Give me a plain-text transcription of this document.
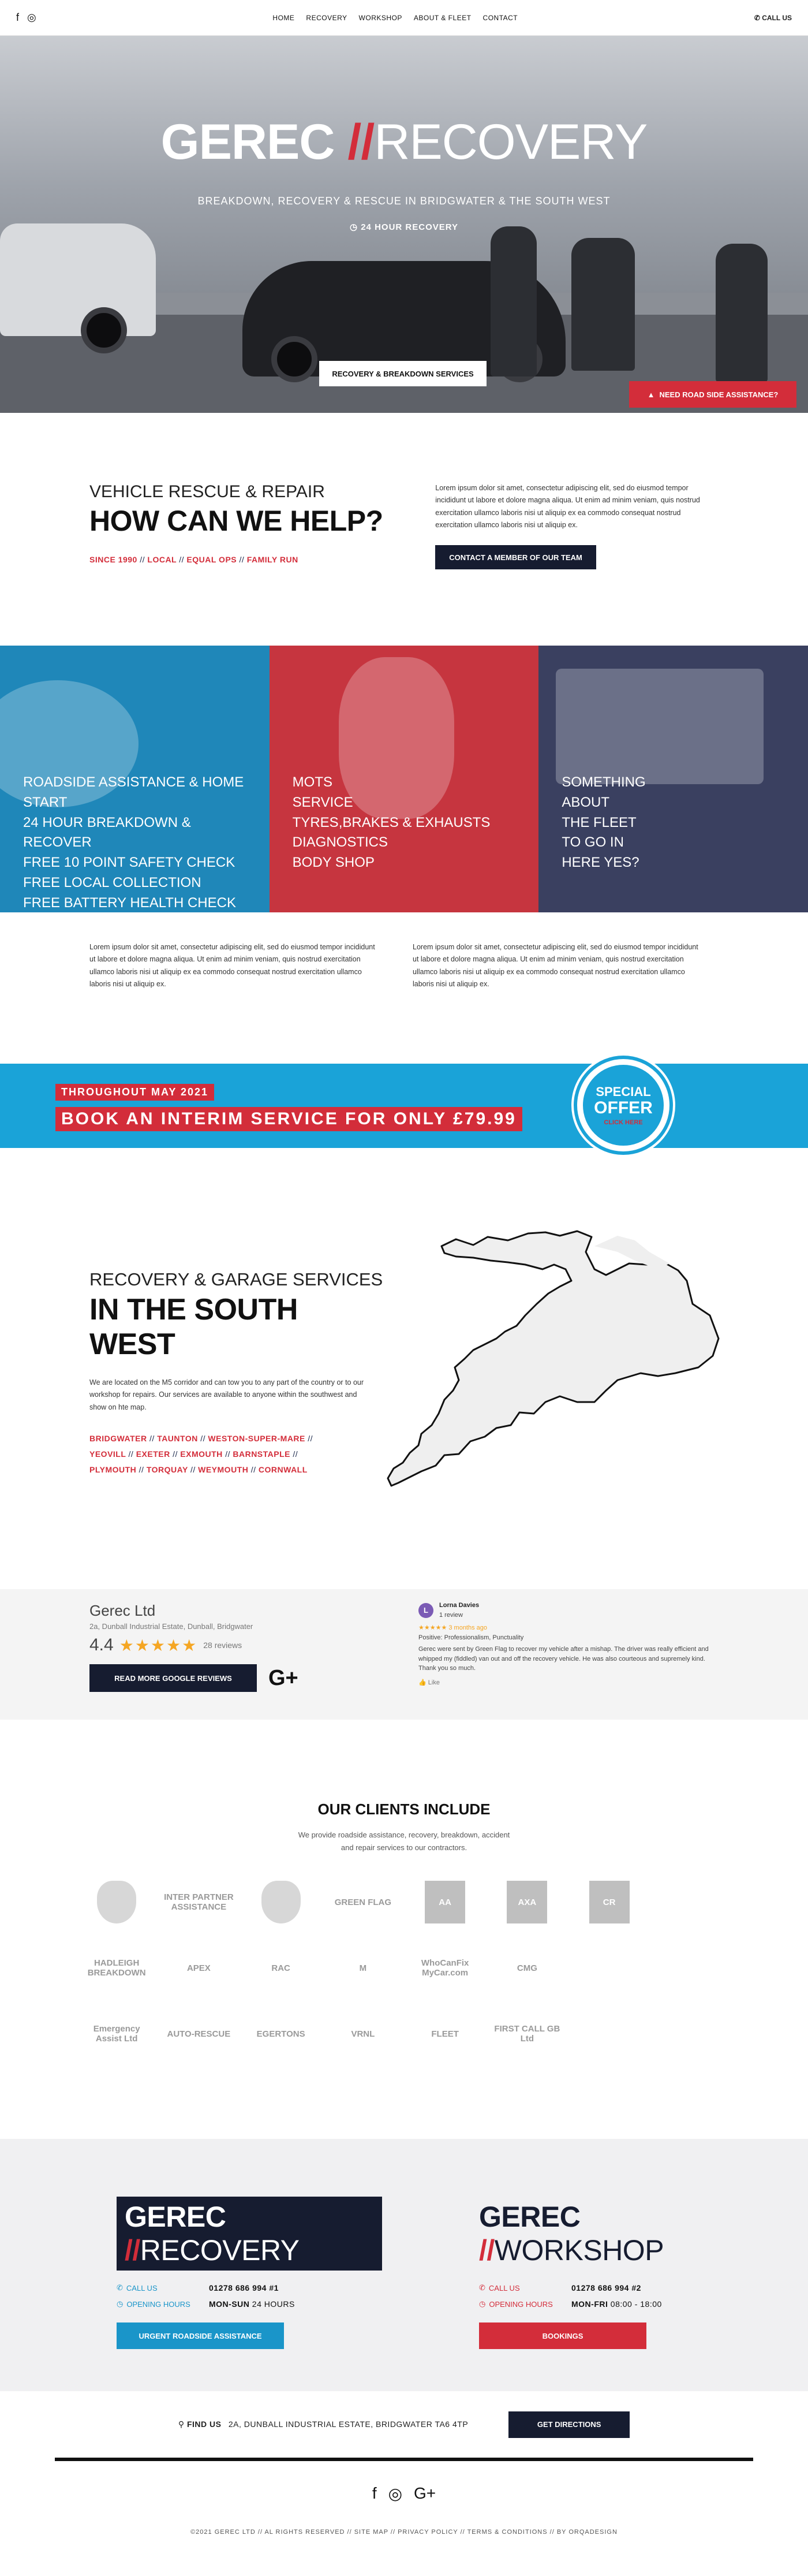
f ◎	HOME RECOVERY WORKSHOP ABOUT & FLEET CONTACT	✆ CALL US
GEREC //RECOVERY
BREAKDOWN, RECOVERY & RESCUE IN BRIDGWATER & THE SOUTH WEST
◷ 24 HOUR RECOVERY
RECOVERY & BREAKDOWN SERVICES
▲ NEED ROAD SIDE ASSISTANCE?
VEHICLE RESCUE & REPAIR
HOW CAN WE HELP?
SINCE 1990 // LOCAL // EQUAL OPS // FAMILY RUN

Lorem ipsum dolor sit amet, consectetur adipiscing elit, sed do eiusmod tempor incididunt ut labore et dolore magna aliqua. Ut enim ad minim veniam, quis nostrud exercitation ullamco laboris nisi ut aliquip ex ea commodo consequat nostrud exercitation ullamco laboris nisi ut aliquip ex.

CONTACT A MEMBER OF OUR TEAM
ROADSIDE ASSISTANCE & HOME START
24 HOUR BREAKDOWN & RECOVER
FREE 10 POINT SAFETY CHECK
FREE LOCAL COLLECTION
FREE BATTERY HEALTH CHECK
MOTS
SERVICE
TYRES,BRAKES & EXHAUSTS
DIAGNOSTICS
BODY SHOP
SOMETHING
ABOUT
THE FLEET
TO GO IN
HERE YES?
Lorem ipsum dolor sit amet, consectetur adipiscing elit, sed do eiusmod tempor incididunt ut labore et dolore magna aliqua. Ut enim ad minim veniam, quis nostrud exercitation ullamco laboris nisi ut aliquip ex ea commodo consequat nostrud exercitation ullamco laboris nisi ut aliquip ex.
Lorem ipsum dolor sit amet, consectetur adipiscing elit, sed do eiusmod tempor incididunt ut labore et dolore magna aliqua. Ut enim ad minim veniam, quis nostrud exercitation ullamco laboris nisi ut aliquip ex ea commodo consequat nostrud exercitation ullamco laboris nisi ut aliquip ex.
THROUGHOUT MAY 2021
BOOK AN INTERIM SERVICE FOR ONLY £79.99
SPECIAL
OFFER
CLICK HERE
RECOVERY & GARAGE SERVICES
IN THE SOUTH WEST

We are located on the M5 corridor and can tow you to any part of the country or to our workshop for repairs. Our services are available to anyone within the southwest and show on hte map.

BRIDGWATER // TAUNTON // WESTON-SUPER-MARE //
YEOVILL // EXETER // EXMOUTH // BARNSTAPLE //
PLYMOUTH // TORQUAY // WEYMOUTH // CORNWALL
Gerec Ltd
2a, Dunball Industrial Estate, Dunball, Bridgwater
4.4 ★★★★★ 28 reviews
READ MORE GOOGLE REVIEWS	G+
L
Lorna Davies
1 review
★★★★★ 3 months ago
Positive: Professionalism, Punctuality
Gerec were sent by Green Flag to recover my vehicle after a mishap. The driver was really efficient and whipped my (fiddled) van out and off the recovery vehicle. He was also courteous and supremely kind. Thank you so much.
👍 Like
OUR CLIENTS INCLUDE

We provide roadside assistance, recovery, breakdown, accident and repair services to our contractors.

INTER PARTNER ASSISTANCE	GREEN FLAG	AA	AXA	CR
HADLEIGH BREAKDOWN	APEX	RAC	M	WhoCanFix MyCar.com	CMG
Emergency Assist Ltd	AUTO-RESCUE	EGERTONS	VRNL	FLEET	FIRST CALL GB Ltd
GEREC //RECOVERY
✆ CALL US	01278 686 994 #1
◷ OPENING HOURS MON-SUN 24 HOURS
URGENT ROADSIDE ASSISTANCE
GEREC //WORKSHOP
✆ CALL US	01278 686 994 #2
◷ OPENING HOURS MON-FRI 08:00 - 18:00
BOOKINGS
⚲ FIND US 2A, DUNBALL INDUSTRIAL ESTATE, BRIDGWATER TA6 4TP	GET DIRECTIONS
f ◎ G+
©2021 GEREC LTD // AL RIGHTS RESERVED // SITE MAP // PRIVACY POLICY // TERMS & CONDITIONS // BY ORQADESIGN
